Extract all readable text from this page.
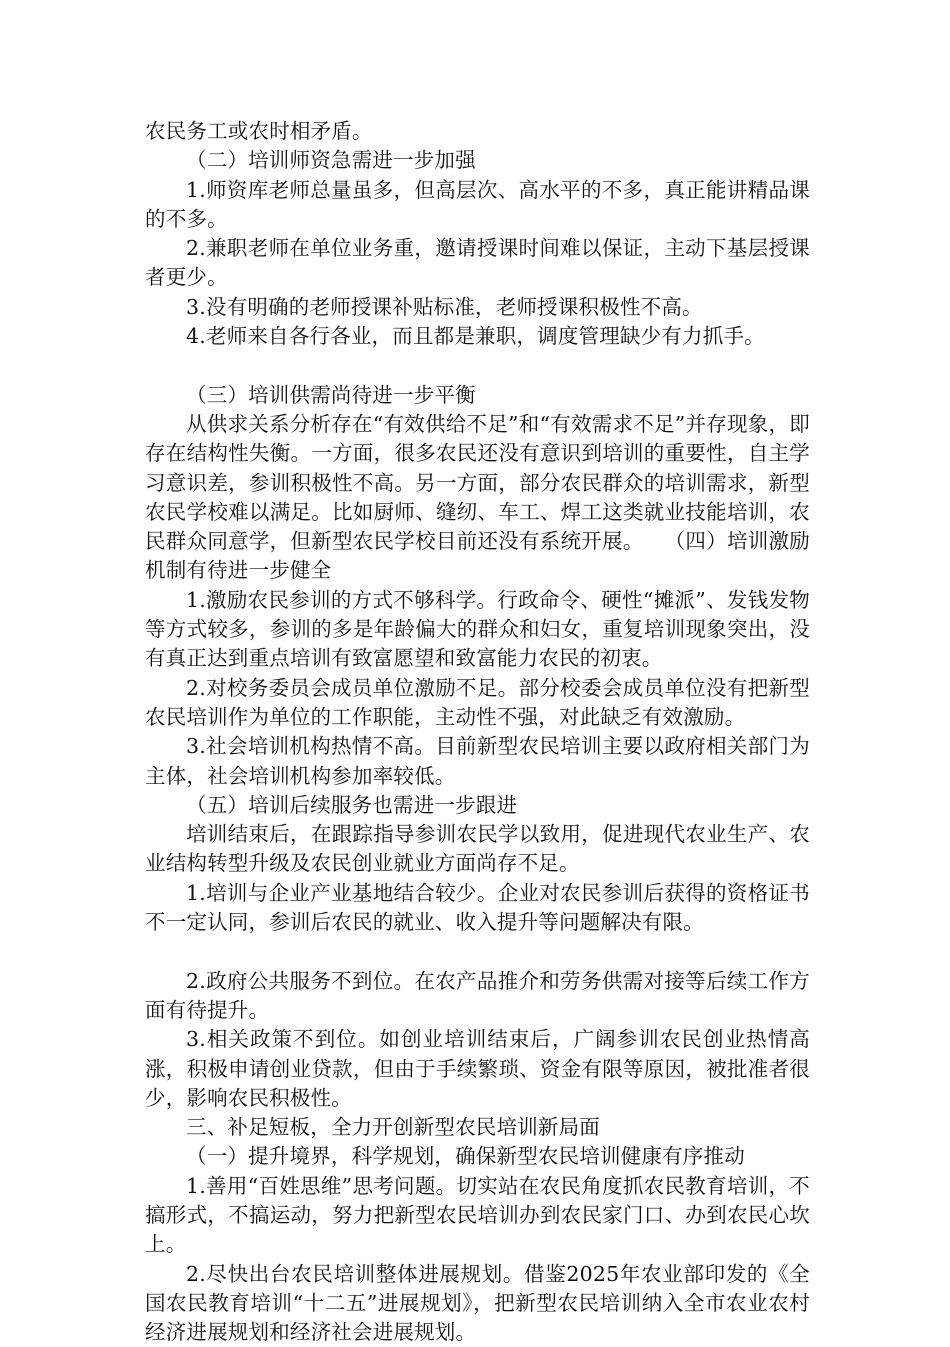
农民务工或农时相矛盾。

（二）培训师资急需进一步加强

1.师资库老师总量虽多，但高层次、高水平的不多，真正能讲精品课的不多。

2.兼职老师在单位业务重，邀请授课时间难以保证，主动下基层授课者更少。

3.没有明确的老师授课补贴标准，老师授课积极性不高。

4.老师来自各行各业，而且都是兼职，调度管理缺少有力抓手。

（三）培训供需尚待进一步平衡

从供求关系分析存在“有效供给不足”和“有效需求不足”并存现象，即存在结构性失衡。一方面，很多农民还没有意识到培训的重要性，自主学习意识差，参训积极性不高。另一方面，部分农民群众的培训需求，新型农民学校难以满足。比如厨师、缝纫、车工、焊工这类就业技能培训，农民群众同意学，但新型农民学校目前还没有系统开展。　　（四）培训激励机制有待进一步健全

1.激励农民参训的方式不够科学。行政命令、硬性“摊派”、发钱发物等方式较多，参训的多是年龄偏大的群众和妇女，重复培训现象突出，没有真正达到重点培训有致富愿望和致富能力农民的初衷。

2.对校务委员会成员单位激励不足。部分校委会成员单位没有把新型农民培训作为单位的工作职能，主动性不强，对此缺乏有效激励。

3.社会培训机构热情不高。目前新型农民培训主要以政府相关部门为主体，社会培训机构参加率较低。

（五）培训后续服务也需进一步跟进

培训结束后，在跟踪指导参训农民学以致用，促进现代农业生产、农业结构转型升级及农民创业就业方面尚存不足。

1.培训与企业产业基地结合较少。企业对农民参训后获得的资格证书不一定认同，参训后农民的就业、收入提升等问题解决有限。

2.政府公共服务不到位。在农产品推介和劳务供需对接等后续工作方面有待提升。

3.相关政策不到位。如创业培训结束后，广阔参训农民创业热情高涨，积极申请创业贷款，但由于手续繁琐、资金有限等原因，被批准者很少，影响农民积极性。

三、补足短板，全力开创新型农民培训新局面

（一）提升境界，科学规划，确保新型农民培训健康有序推动

1.善用“百姓思维”思考问题。切实站在农民角度抓农民教育培训，不搞形式，不搞运动，努力把新型农民培训办到农民家门口、办到农民心坎上。

2.尽快出台农民培训整体进展规划。借鉴2025年农业部印发的《全国农民教育培训“十二五”进展规划》，把新型农民培训纳入全市农业农村经济进展规划和经济社会进展规划。
